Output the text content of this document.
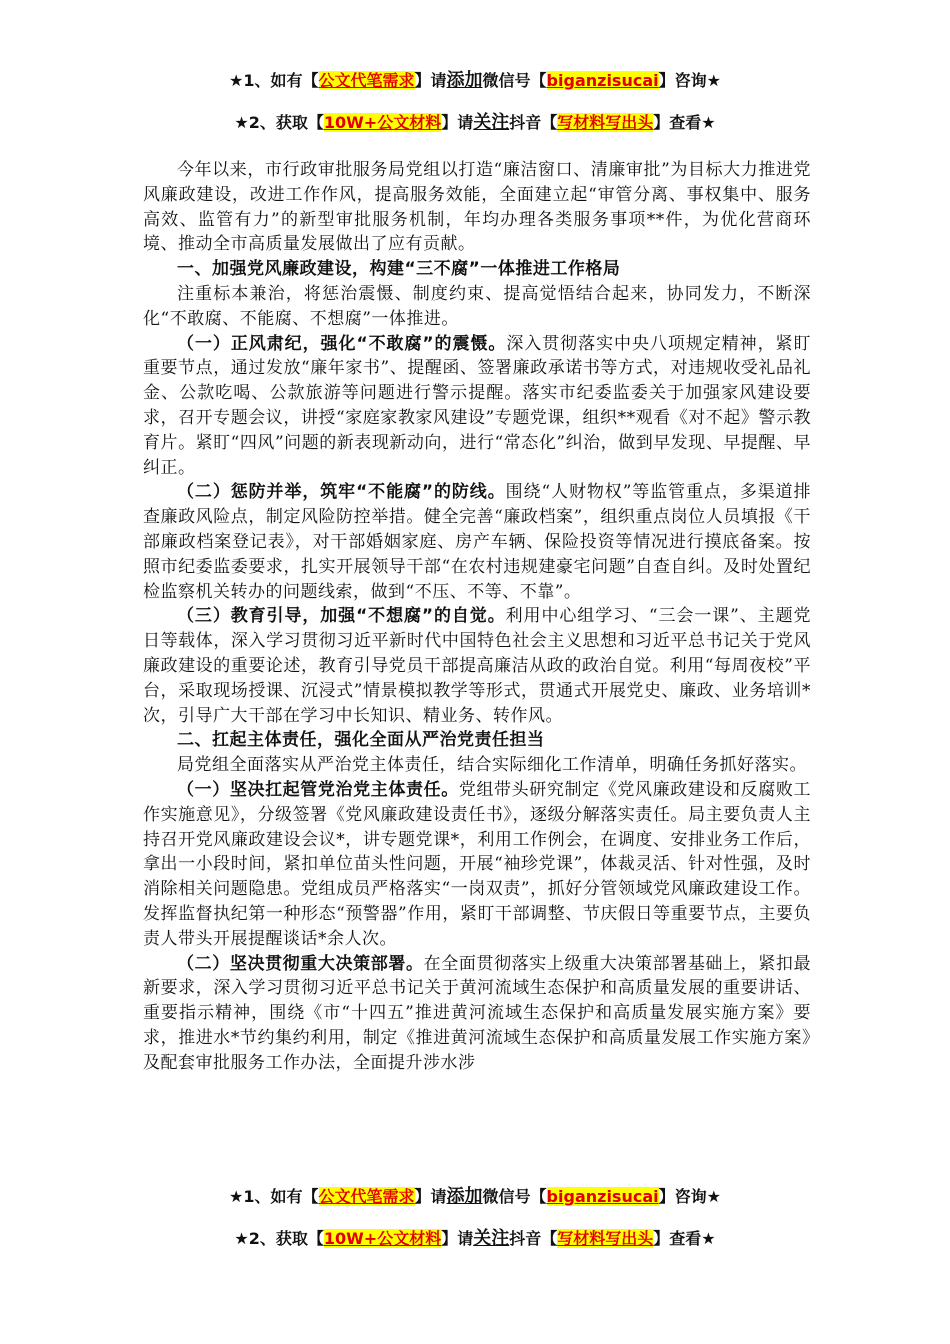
★1、如有【公文代笔需求】请添加微信号【biganzisucai】咨询★
★2、获取【10W+公文材料】请关注抖音【写材料写出头】查看★

今年以来，市行政审批服务局党组以打造“廉洁窗口、清廉审批”为目标大力推进党风廉政建设，改进工作作风，提高服务效能，全面建立起“审管分离、事权集中、服务高效、监管有力”的新型审批服务机制，年均办理各类服务事项**件，为优化营商环境、推动全市高质量发展做出了应有贡献。

一、加强党风廉政建设，构建“三不腐”一体推进工作格局

注重标本兼治，将惩治震慑、制度约束、提高觉悟结合起来，协同发力，不断深化“不敢腐、不能腐、不想腐”一体推进。

（一）正风肃纪，强化“不敢腐”的震慑。深入贯彻落实中央八项规定精神，紧盯重要节点，通过发放“廉年家书”、提醒函、签署廉政承诺书等方式，对违规收受礼品礼金、公款吃喝、公款旅游等问题进行警示提醒。落实市纪委监委关于加强家风建设要求，召开专题会议，讲授“家庭家教家风建设”专题党课，组织**观看《对不起》警示教育片。紧盯“四风”问题的新表现新动向，进行“常态化”纠治，做到早发现、早提醒、早纠正。

（二）惩防并举，筑牢“不能腐”的防线。围绕“人财物权”等监管重点，多渠道排查廉政风险点，制定风险防控举措。健全完善“廉政档案”，组织重点岗位人员填报《干部廉政档案登记表》，对干部婚姻家庭、房产车辆、保险投资等情况进行摸底备案。按照市纪委监委要求，扎实开展领导干部“在农村违规建豪宅问题”自查自纠。及时处置纪检监察机关转办的问题线索，做到“不压、不等、不靠”。

（三）教育引导，加强“不想腐”的自觉。利用中心组学习、“三会一课”、主题党日等载体，深入学习贯彻习近平新时代中国特色社会主义思想和习近平总书记关于党风廉政建设的重要论述，教育引导党员干部提高廉洁从政的政治自觉。利用“每周夜校”平台，采取现场授课、沉浸式”情景模拟教学等形式，贯通式开展党史、廉政、业务培训*次，引导广大干部在学习中长知识、精业务、转作风。

二、扛起主体责任，强化全面从严治党责任担当

局党组全面落实从严治党主体责任，结合实际细化工作清单，明确任务抓好落实。

（一）坚决扛起管党治党主体责任。党组带头研究制定《党风廉政建设和反腐败工作实施意见》，分级签署《党风廉政建设责任书》，逐级分解落实责任。局主要负责人主持召开党风廉政建设会议*，讲专题党课*，利用工作例会，在调度、安排业务工作后，拿出一小段时间，紧扣单位苗头性问题，开展“袖珍党课”，体裁灵活、针对性强，及时消除相关问题隐患。党组成员严格落实“一岗双责”，抓好分管领域党风廉政建设工作。发挥监督执纪第一种形态“预警器”作用，紧盯干部调整、节庆假日等重要节点，主要负责人带头开展提醒谈话*余人次。

（二）坚决贯彻重大决策部署。在全面贯彻落实上级重大决策部署基础上，紧扣最新要求，深入学习贯彻习近平总书记关于黄河流域生态保护和高质量发展的重要讲话、重要指示精神，围绕《市“十四五”推进黄河流域生态保护和高质量发展实施方案》要求，推进水*节约集约利用，制定《推进黄河流域生态保护和高质量发展工作实施方案》及配套审批服务工作办法，全面提升涉水涉

★1、如有【公文代笔需求】请添加微信号【biganzisucai】咨询★
★2、获取【10W+公文材料】请关注抖音【写材料写出头】查看★
